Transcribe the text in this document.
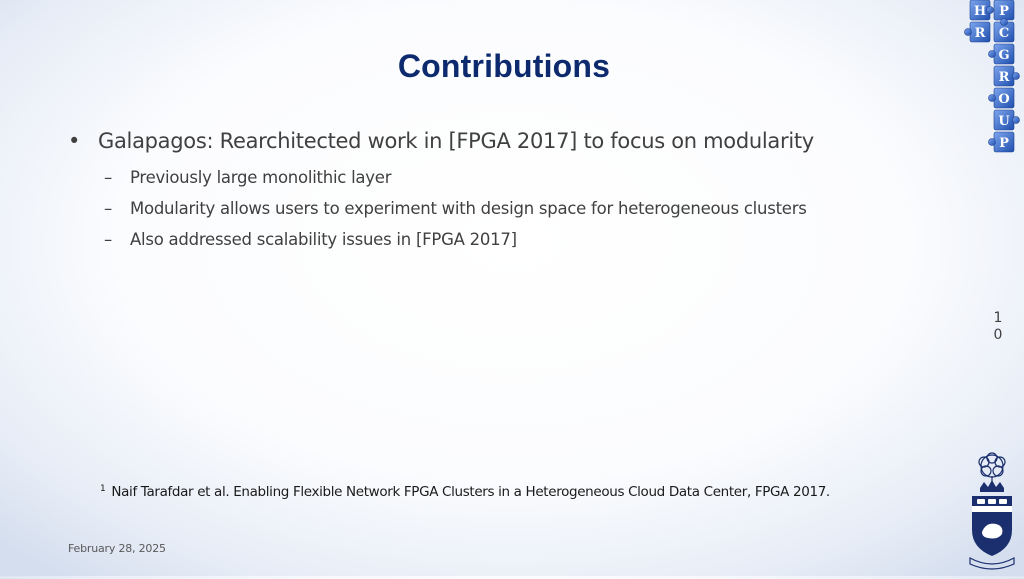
Contributions
• Galapagos: Rearchitected work in [FPGA 2017] to focus on modularity
– Previously large monolithic layer
– Modularity allows users to experiment with design space for heterogeneous clusters
– Also addressed scalability issues in [FPGA 2017]
$^1$ Naif Tarafdar et al. Enabling Flexible Network FPGA Clusters in a Heterogeneous Cloud Data Center, FPGA 2017.
February 28, 2025
1
0
H P
R C
G
R
O
U
P
